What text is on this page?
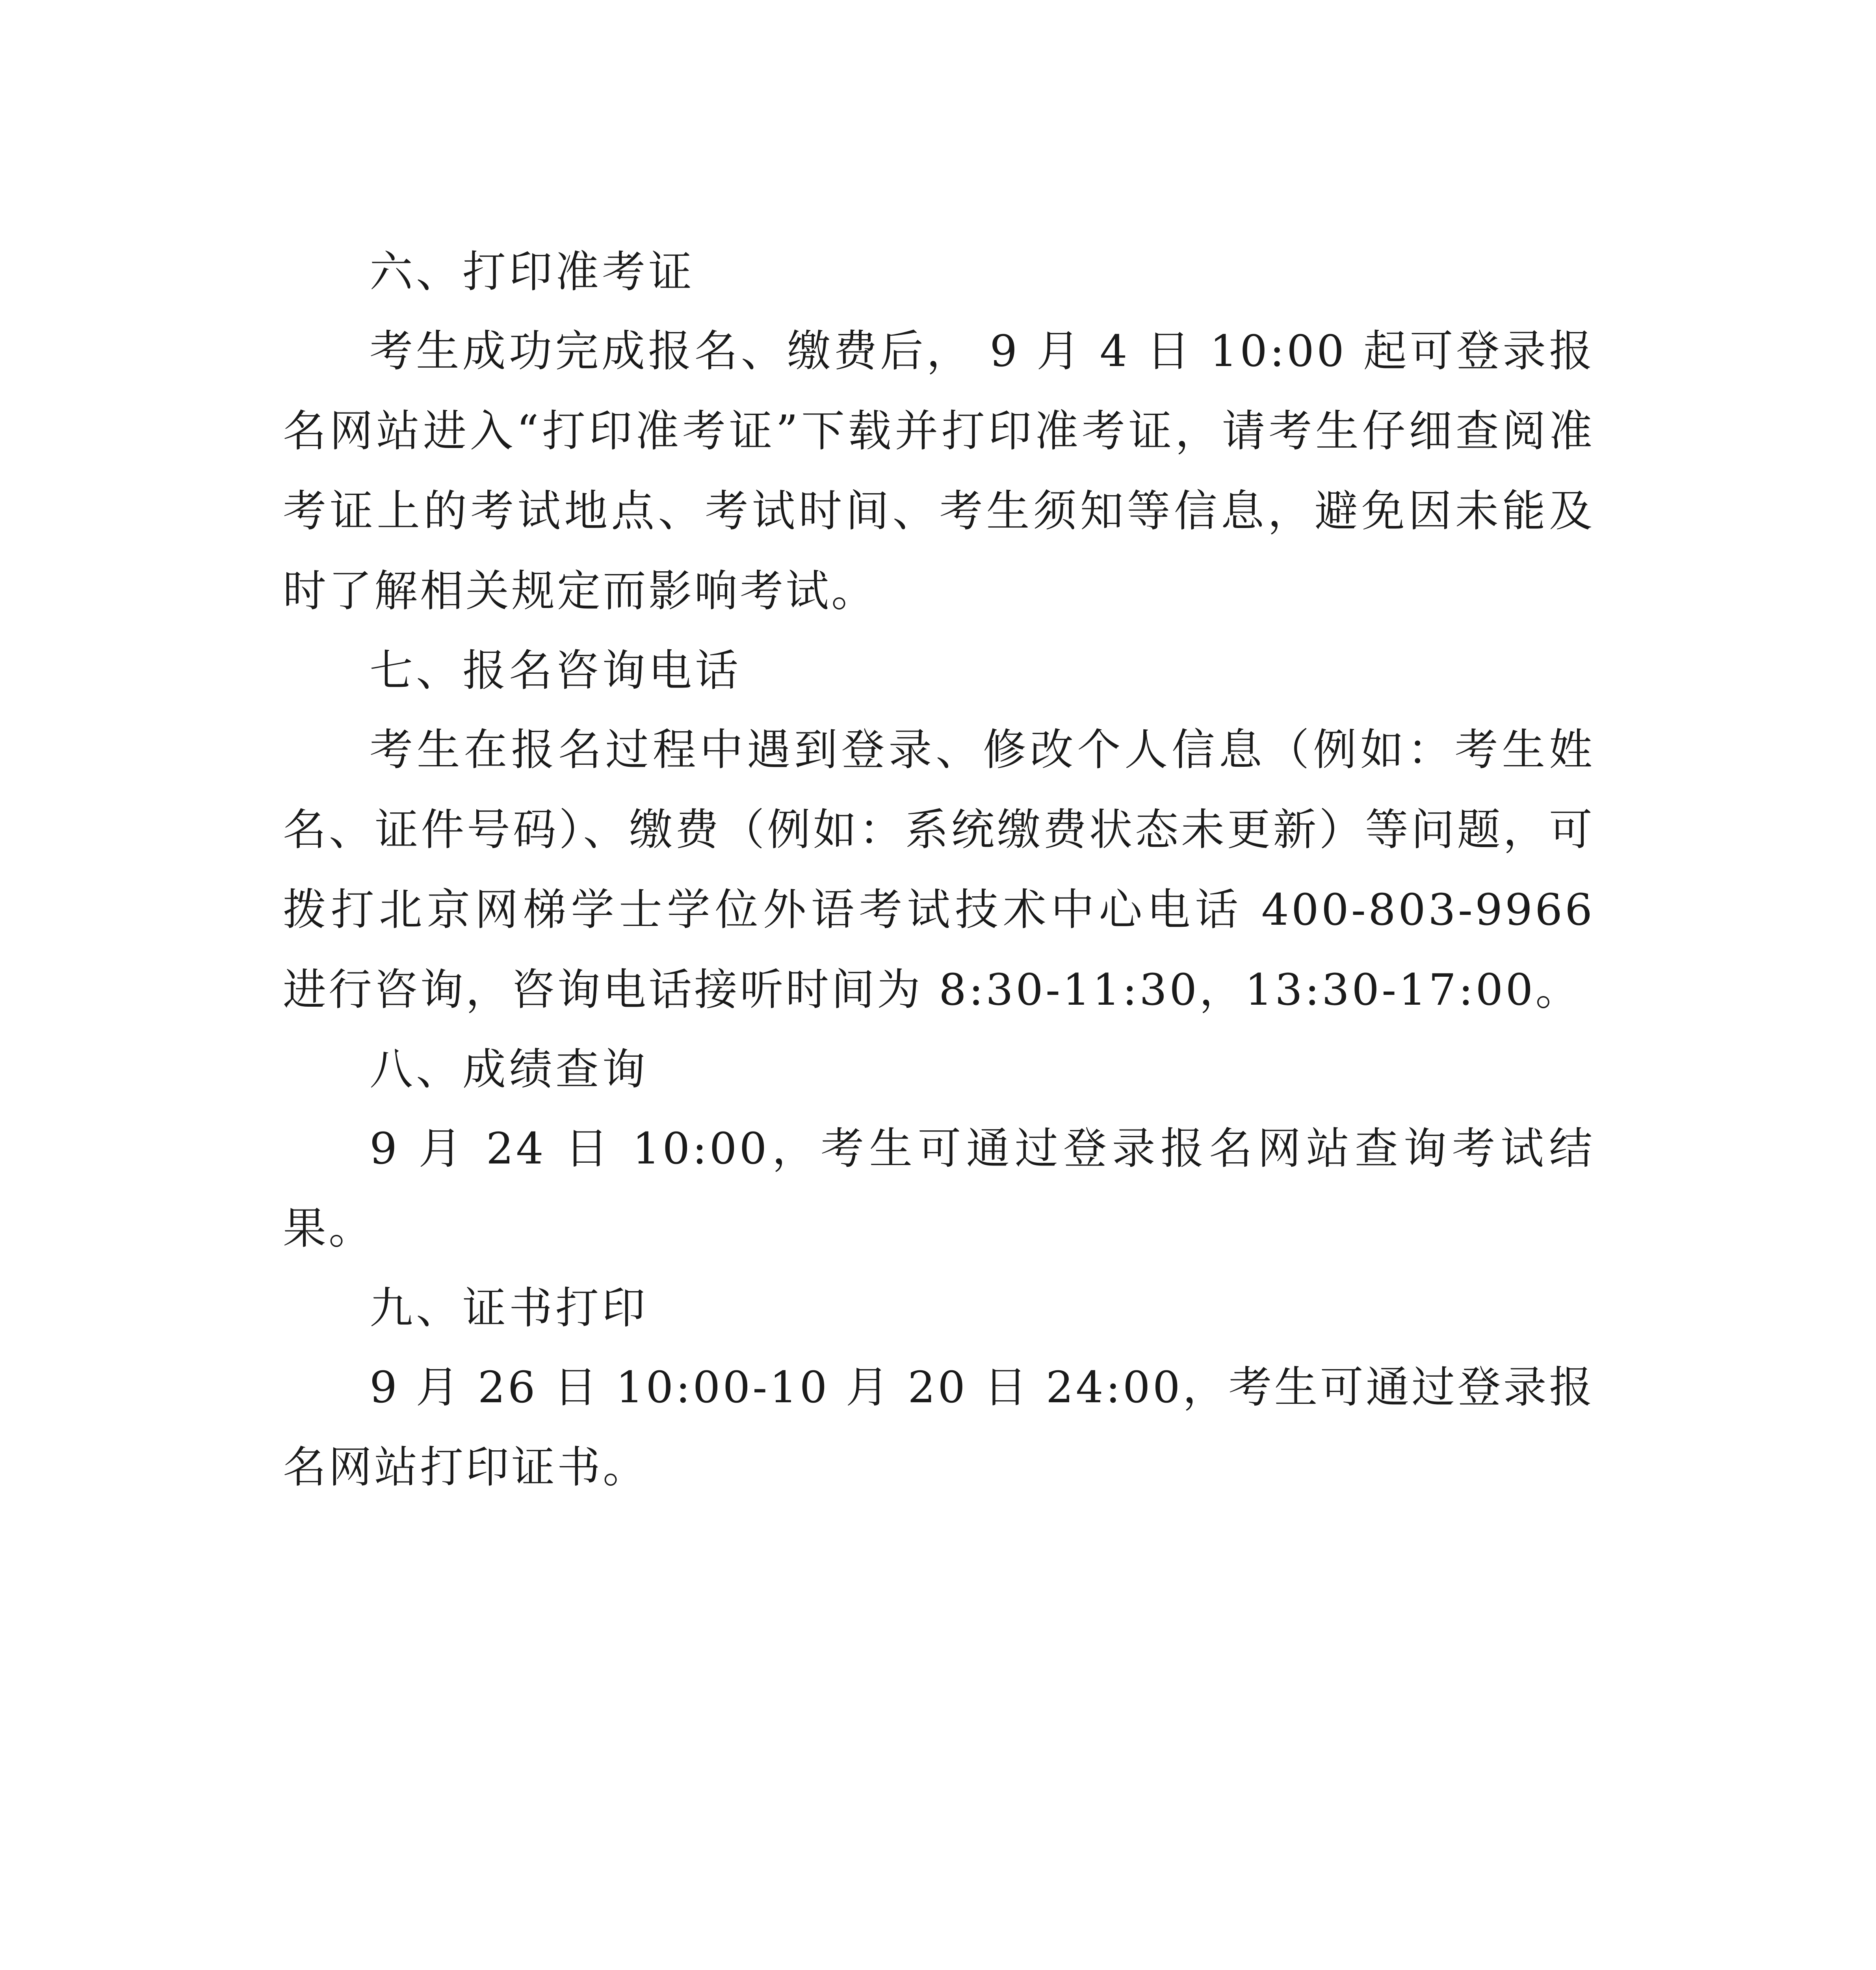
六、打印准考证

考生成功完成报名、缴费后， 9 月 4 日 10:00 起可登录报名网站进入“打印准考证”下载并打印准考证，请考生仔细查阅准考证上的考试地点、考试时间、考生须知等信息，避免因未能及时了解相关规定而影响考试。

七、报名咨询电话

考生在报名过程中遇到登录、修改个人信息（例如：考生姓名、证件号码）、缴费（例如：系统缴费状态未更新）等问题，可拨打北京网梯学士学位外语考试技术中心电话 400-803-9966 进行咨询，咨询电话接听时间为 8:30-11:30，13:30-17:00。

八、成绩查询

9 月 24 日 10:00，考生可通过登录报名网站查询考试结果。

九、证书打印

9 月 26 日 10:00-10 月 20 日 24:00，考生可通过登录报名网站打印证书。
